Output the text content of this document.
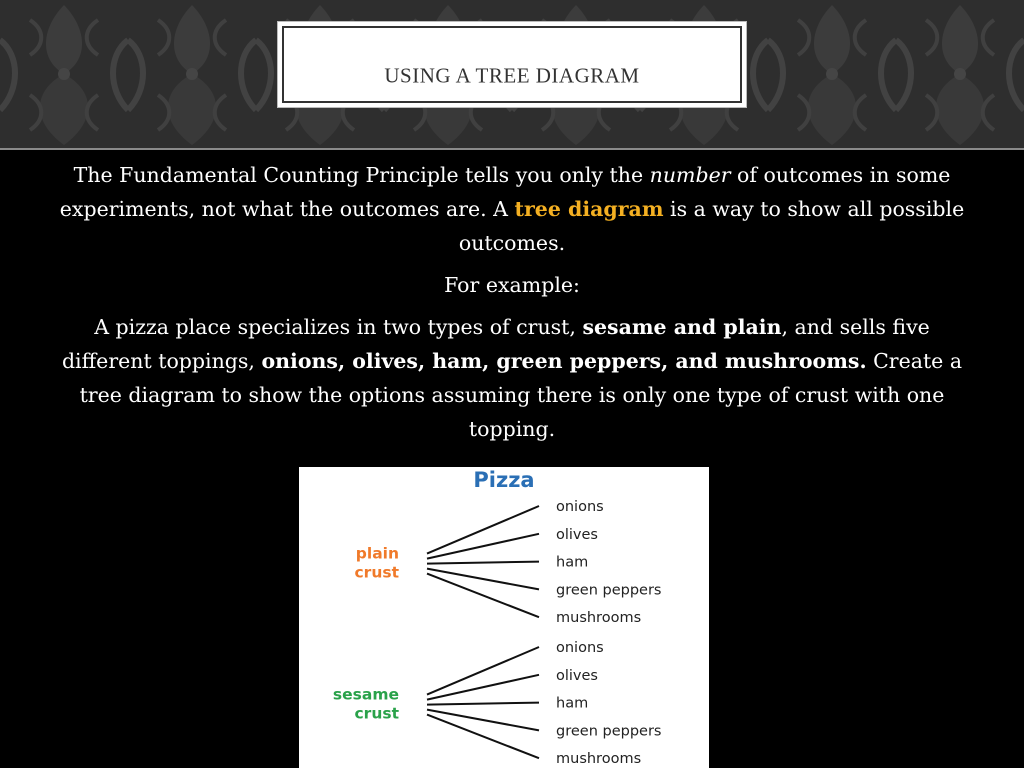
USING A TREE DIAGRAM

The Fundamental Counting Principle tells you only the number of outcomes in some experiments, not what the outcomes are. A tree diagram is a way to show all possible outcomes.

For example:

A pizza place specializes in two types of crust, sesame and plain, and sells five different toppings, onions, olives, ham, green peppers, and mushrooms. Create a tree diagram to show the options assuming there is only one type of crust with one topping.

Pizza
plain
crust
onions
olives
ham
green peppers
mushrooms
sesame
crust
onions
olives
ham
green peppers
mushrooms
